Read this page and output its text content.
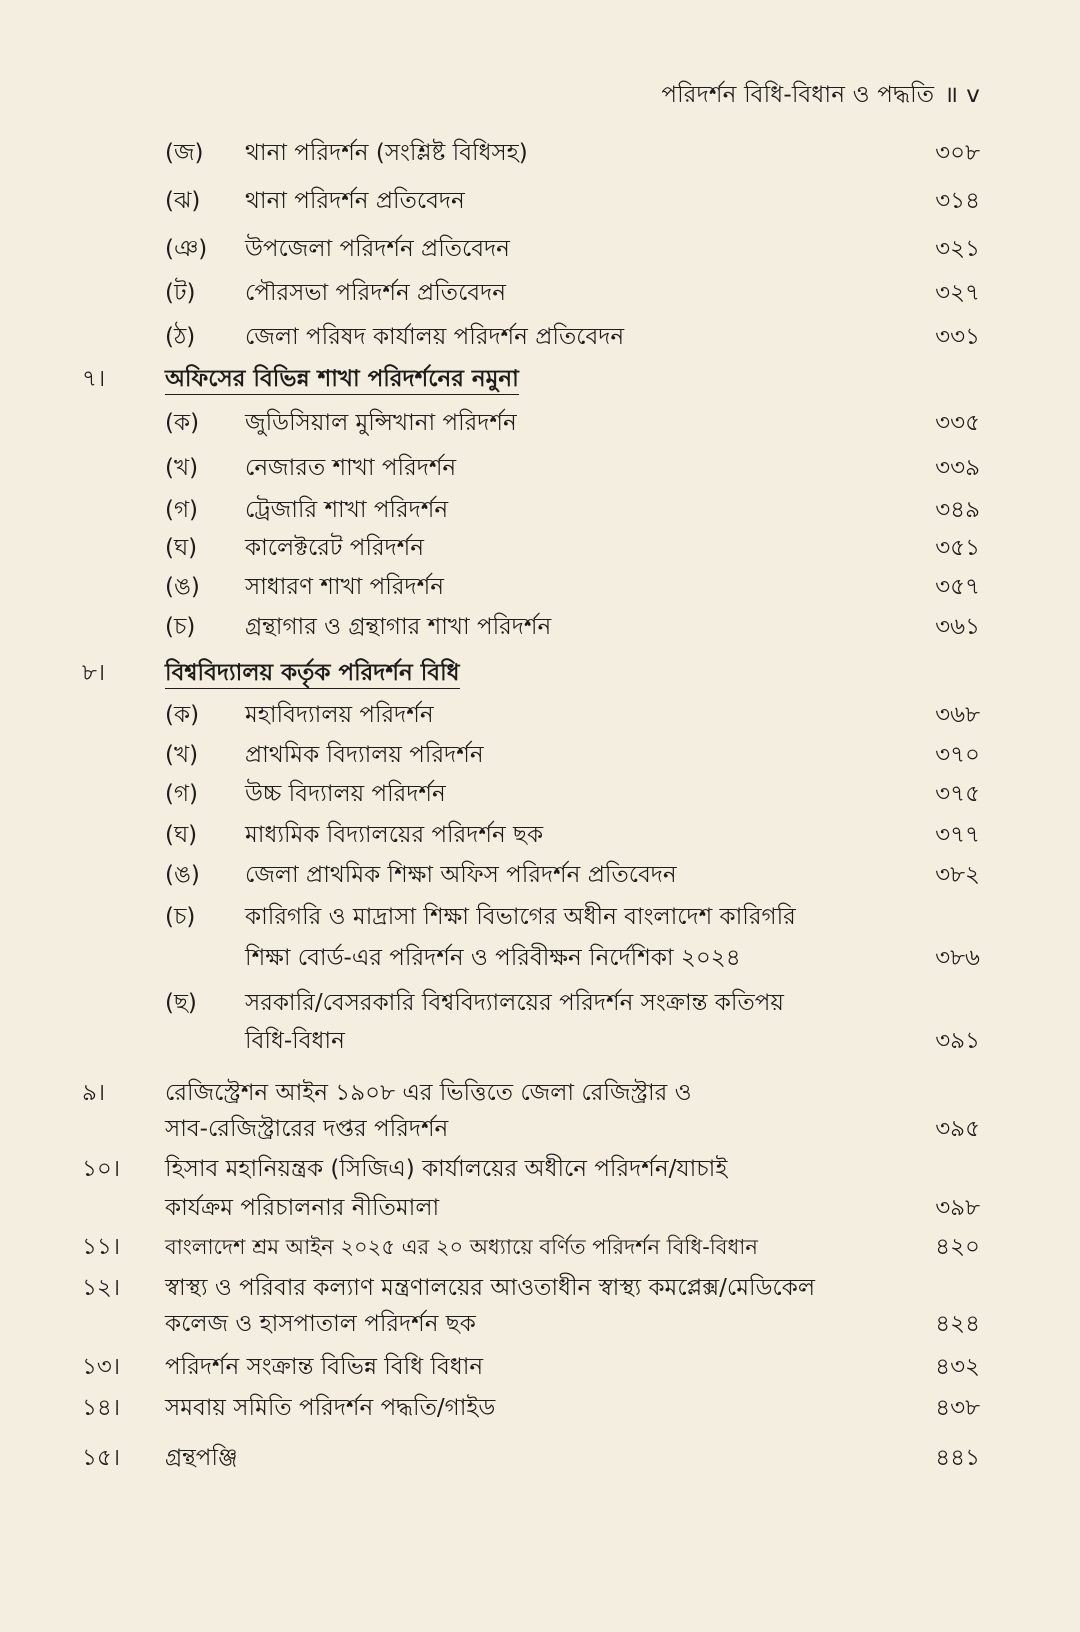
পরিদর্শন বিধি-বিধান ও পদ্ধতি ॥ v
(জ) থানা পরিদর্শন (সংশ্লিষ্ট বিধিসহ)	৩০৮
(ঝ) থানা পরিদর্শন প্রতিবেদন	৩১৪
(ঞ) উপজেলা পরিদর্শন প্রতিবেদন	৩২১
(ট) পৌরসভা পরিদর্শন প্রতিবেদন	৩২৭
(ঠ) জেলা পরিষদ কার্যালয় পরিদর্শন প্রতিবেদন	৩৩১
৭।	অফিসের বিভিন্ন শাখা পরিদর্শনের নমুনা
(ক) জুডিসিয়াল মুন্সিখানা পরিদর্শন	৩৩৫
(খ) নেজারত শাখা পরিদর্শন	৩৩৯
(গ) ট্রেজারি শাখা পরিদর্শন	৩৪৯
(ঘ) কালেক্টরেট পরিদর্শন	৩৫১
(ঙ) সাধারণ শাখা পরিদর্শন	৩৫৭
(চ) গ্রন্থাগার ও গ্রন্থাগার শাখা পরিদর্শন	৩৬১
৮।	বিশ্ববিদ্যালয় কর্তৃক পরিদর্শন বিধি
(ক) মহাবিদ্যালয় পরিদর্শন	৩৬৮
(খ) প্রাথমিক বিদ্যালয় পরিদর্শন	৩৭০
(গ) উচ্চ বিদ্যালয় পরিদর্শন	৩৭৫
(ঘ) মাধ্যমিক বিদ্যালয়ের পরিদর্শন ছক	৩৭৭
(ঙ) জেলা প্রাথমিক শিক্ষা অফিস পরিদর্শন প্রতিবেদন	৩৮২
(চ) কারিগরি ও মাদ্রাসা শিক্ষা বিভাগের অধীন বাংলাদেশ কারিগরি
শিক্ষা বোর্ড-এর পরিদর্শন ও পরিবীক্ষন নির্দেশিকা ২০২৪	৩৮৬
(ছ) সরকারি/বেসরকারি বিশ্ববিদ্যালয়ের পরিদর্শন সংক্রান্ত কতিপয়
বিধি-বিধান	৩৯১
৯।	রেজিস্ট্রেশন আইন ১৯০৮ এর ভিত্তিতে জেলা রেজিস্ট্রার ও
সাব-রেজিস্ট্রারের দপ্তর পরিদর্শন	৩৯৫
১০। হিসাব মহানিয়ন্ত্রক (সিজিএ) কার্যালয়ের অধীনে পরিদর্শন/যাচাই
কার্যক্রম পরিচালনার নীতিমালা	৩৯৮
১১। বাংলাদেশ শ্রম আইন ২০২৫ এর ২০ অধ্যায়ে বর্ণিত পরিদর্শন বিধি-বিধান	৪২০
১২। স্বাস্থ্য ও পরিবার কল্যাণ মন্ত্রণালয়ের আওতাধীন স্বাস্থ্য কমপ্লেক্স/মেডিকেল
কলেজ ও হাসপাতাল পরিদর্শন ছক	৪২৪
১৩। পরিদর্শন সংক্রান্ত বিভিন্ন বিধি বিধান	৪৩২
১৪। সমবায় সমিতি পরিদর্শন পদ্ধতি/গাইড	৪৩৮
১৫। গ্রন্থপঞ্জি	৪৪১
